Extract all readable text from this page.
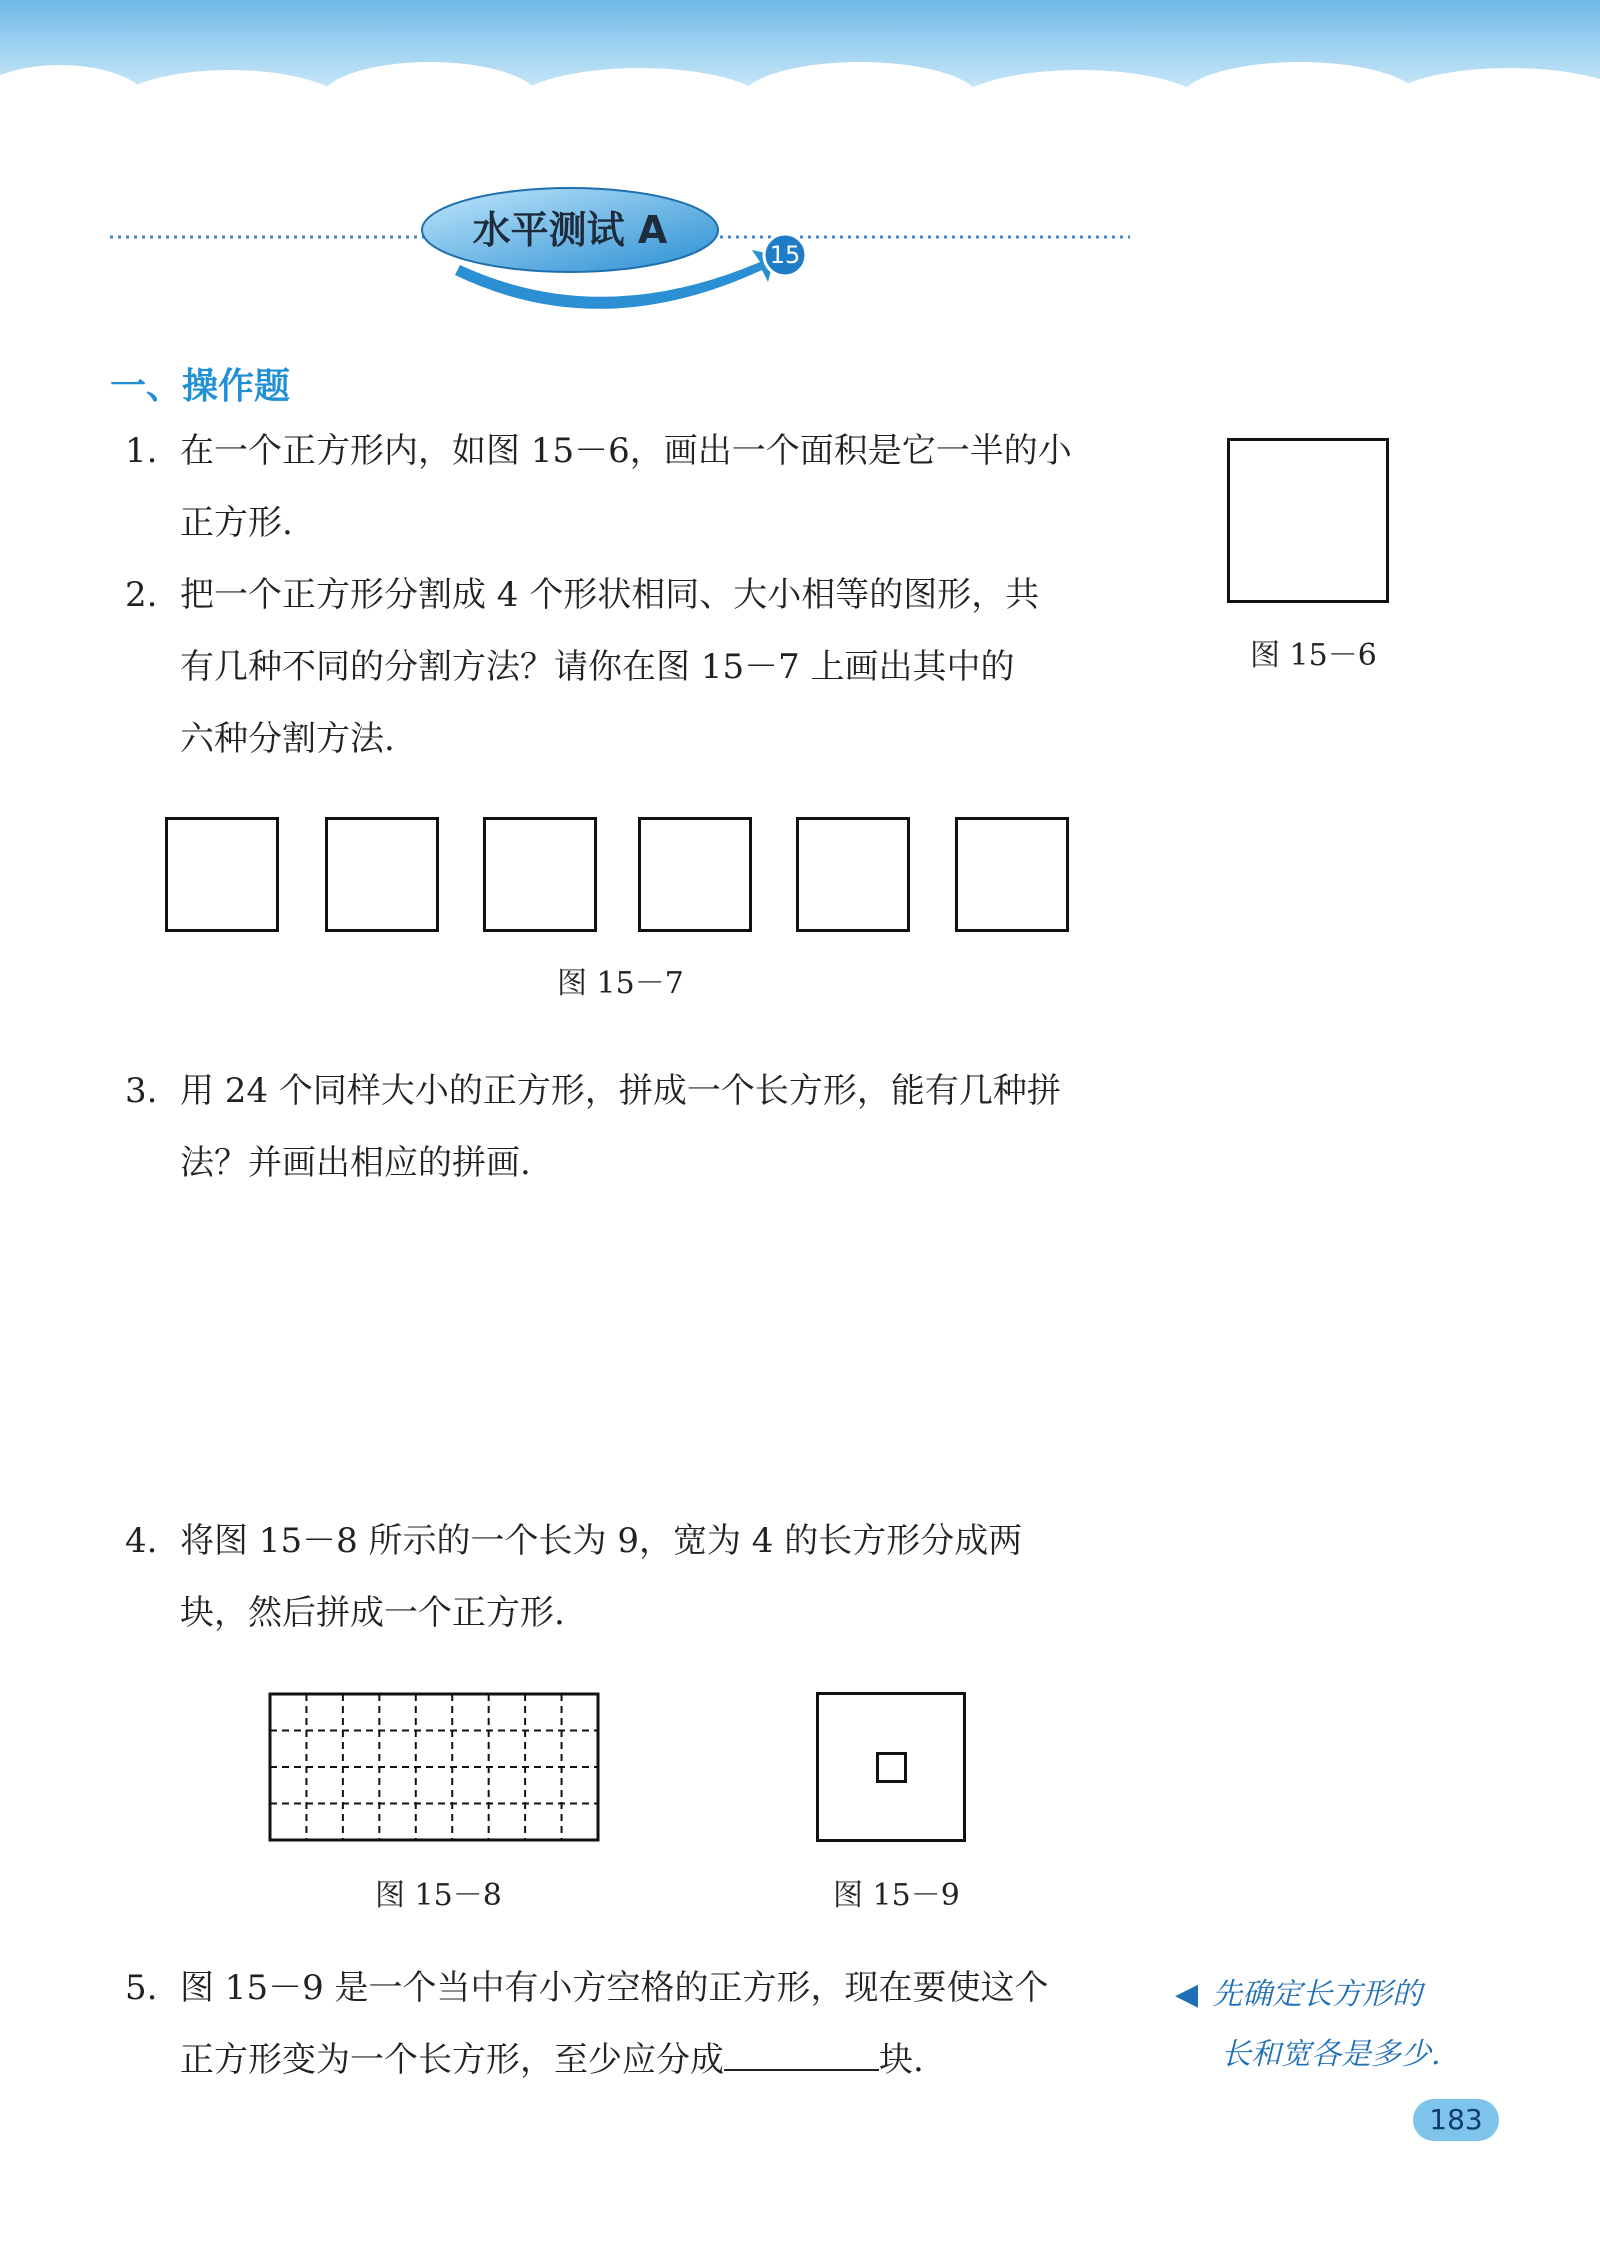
水平测试 A
15
一、操作题
1. 在一个正方形内，如图 15－6，画出一个面积是它一半的小
正方形.
图 15－6
2. 把一个正方形分割成 4 个形状相同、大小相等的图形，共
有几种不同的分割方法？请你在图 15－7 上画出其中的
六种分割方法.
图 15－7
3. 用 24 个同样大小的正方形，拼成一个长方形，能有几种拼
法？并画出相应的拼画.
4. 将图 15－8 所示的一个长为 9，宽为 4 的长方形分成两
块，然后拼成一个正方形.
图 15－8	图 15－9
5. 图 15－9 是一个当中有小方空格的正方形，现在要使这个
正方形变为一个长方形，至少应分成	块.
◀ 先确定长方形的
长和宽各是多少.
183
